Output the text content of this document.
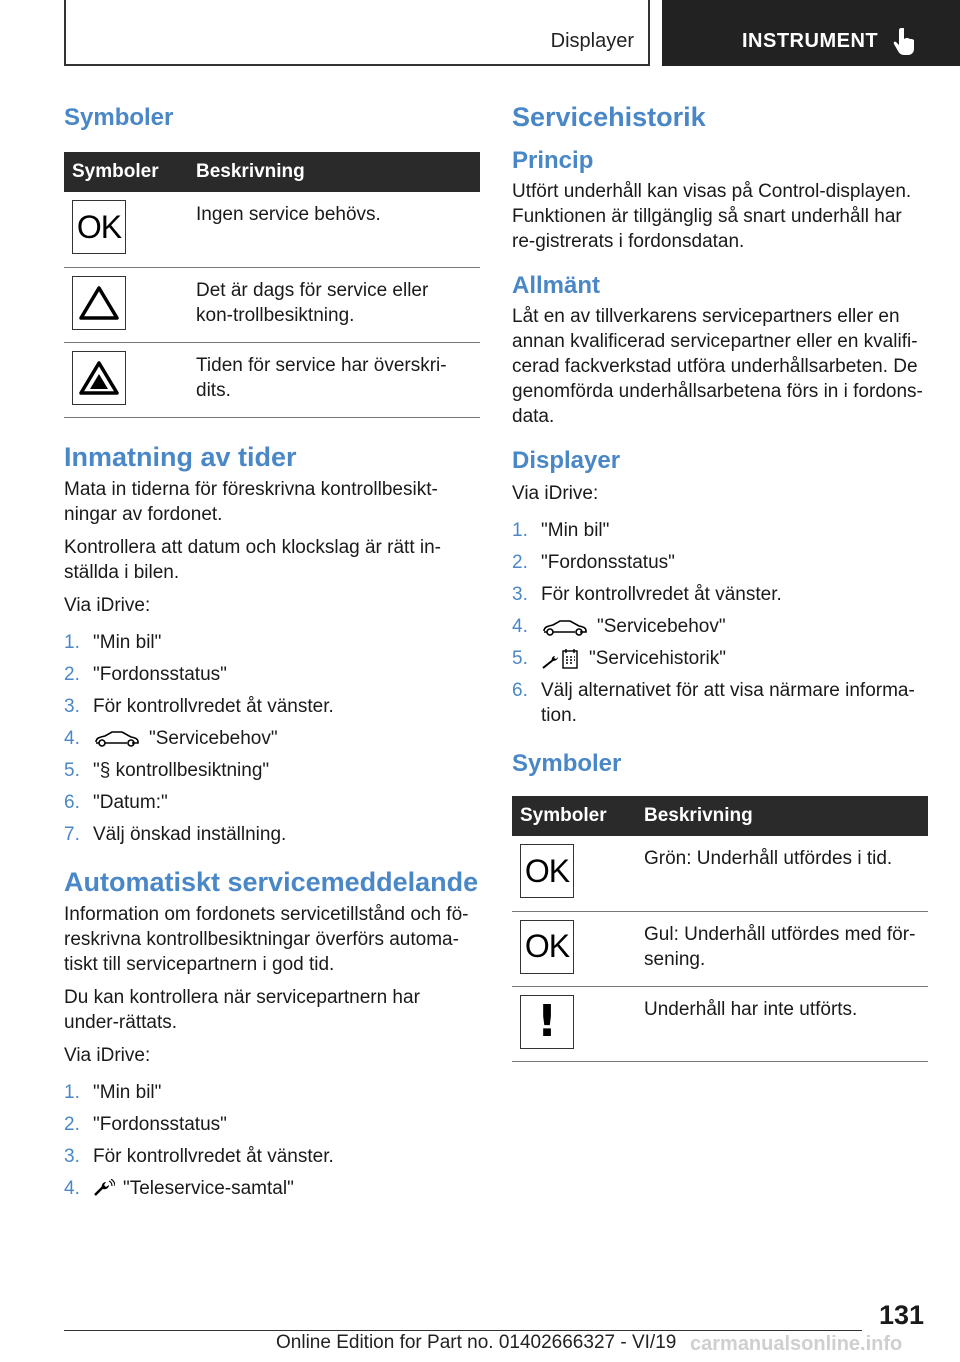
Displayer	INSTRUMENT
Symboler
Symboler	Beskrivning

OK	Ingen service behövs.

	Det är dags för service eller kon-trollbesiktning.

	Tiden för service har överskri-dits.
Inmatning av tider

Mata in tiderna för föreskrivna kontrollbesikt-ningar av fordonet.

Kontrollera att datum och klockslag är rätt in-ställda i bilen.

Via iDrive:

1. "Min bil"
2. "Fordonsstatus"
3. För kontrollvredet åt vänster.
4.	"Servicebehov"
5. "§ kontrollbesiktning"
6. "Datum:"
7. Välj önskad inställning.
Automatiskt servicemeddelande

Information om fordonets servicetillstånd och fö-reskrivna kontrollbesiktningar överförs automa-tiskt till servicepartnern i god tid.

Du kan kontrollera när servicepartnern har under-rättats.

Via iDrive:

1. "Min bil"
2. "Fordonsstatus"
3. För kontrollvredet åt vänster.
4. "Teleservice-samtal"
Servicehistorik
Princip

Utfört underhåll kan visas på Control-displayen. Funktionen är tillgänglig så snart underhåll har re-gistrerats i fordonsdatan.

Allmänt

Låt en av tillverkarens servicepartners eller en annan kvalificerad servicepartner eller en kvalifi-cerad fackverkstad utföra underhållsarbeten. De genomförda underhållsarbetena förs in i fordons-data.

Displayer

Via iDrive:

1. "Min bil"
2. "Fordonsstatus"
3. För kontrollvredet åt vänster.
4.	"Servicebehov"
5.	"Servicehistorik"
6. Välj alternativet för att visa närmare informa-tion.
Symboler
Symboler	Beskrivning

OK	Grön: Underhåll utfördes i tid.

OK	Gul: Underhåll utfördes med för-sening.

!	Underhåll har inte utförts.
131
Online Edition for Part no. 01402666327 - VI/19 carmanualsonline.info
